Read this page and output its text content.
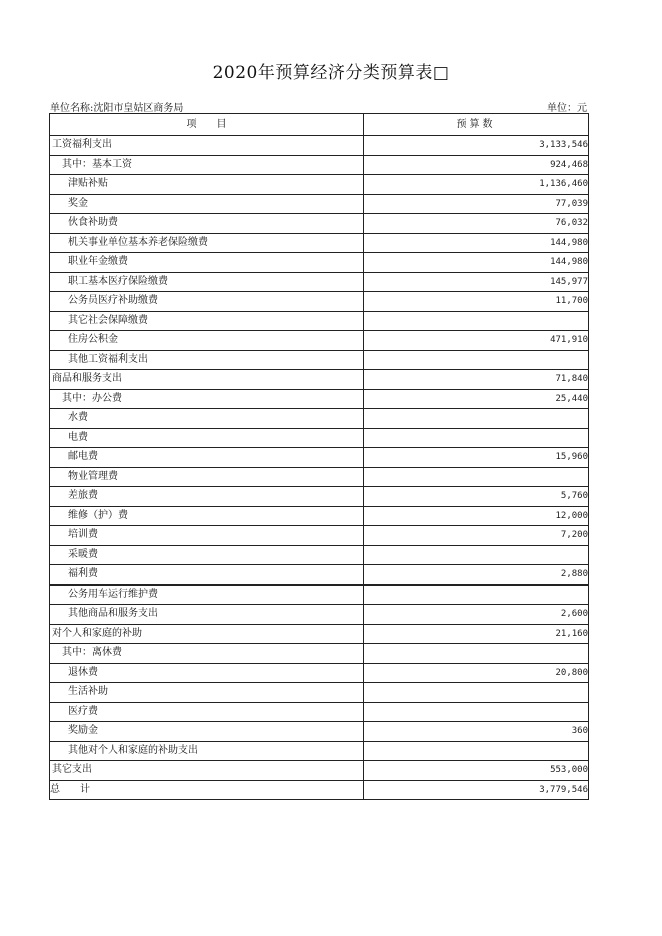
2020年预算经济分类预算表□
单位名称:沈阳市皇姑区商务局	单位：元
项　　目	预算数
工资福利支出	3,133,546
其中：基本工资	924,468
津贴补贴	1,136,460
奖金	77,039
伙食补助费	76,032
机关事业单位基本养老保险缴费	144,980
职业年金缴费	144,980
职工基本医疗保险缴费	145,977
公务员医疗补助缴费	11,700
其它社会保障缴费	
住房公积金	471,910
其他工资福利支出	
商品和服务支出	71,840
其中：办公费	25,440
水费	
电费	
邮电费	15,960
物业管理费	
差旅费	5,760
维修（护）费	12,000
培训费	7,200
采暖费	
福利费	2,880
公务用车运行维护费	
其他商品和服务支出	2,600
对个人和家庭的补助	21,160
其中：离休费	
退休费	20,800
生活补助	
医疗费	
奖励金	360
其他对个人和家庭的补助支出	
其它支出	553,000
总　　计	3,779,546
